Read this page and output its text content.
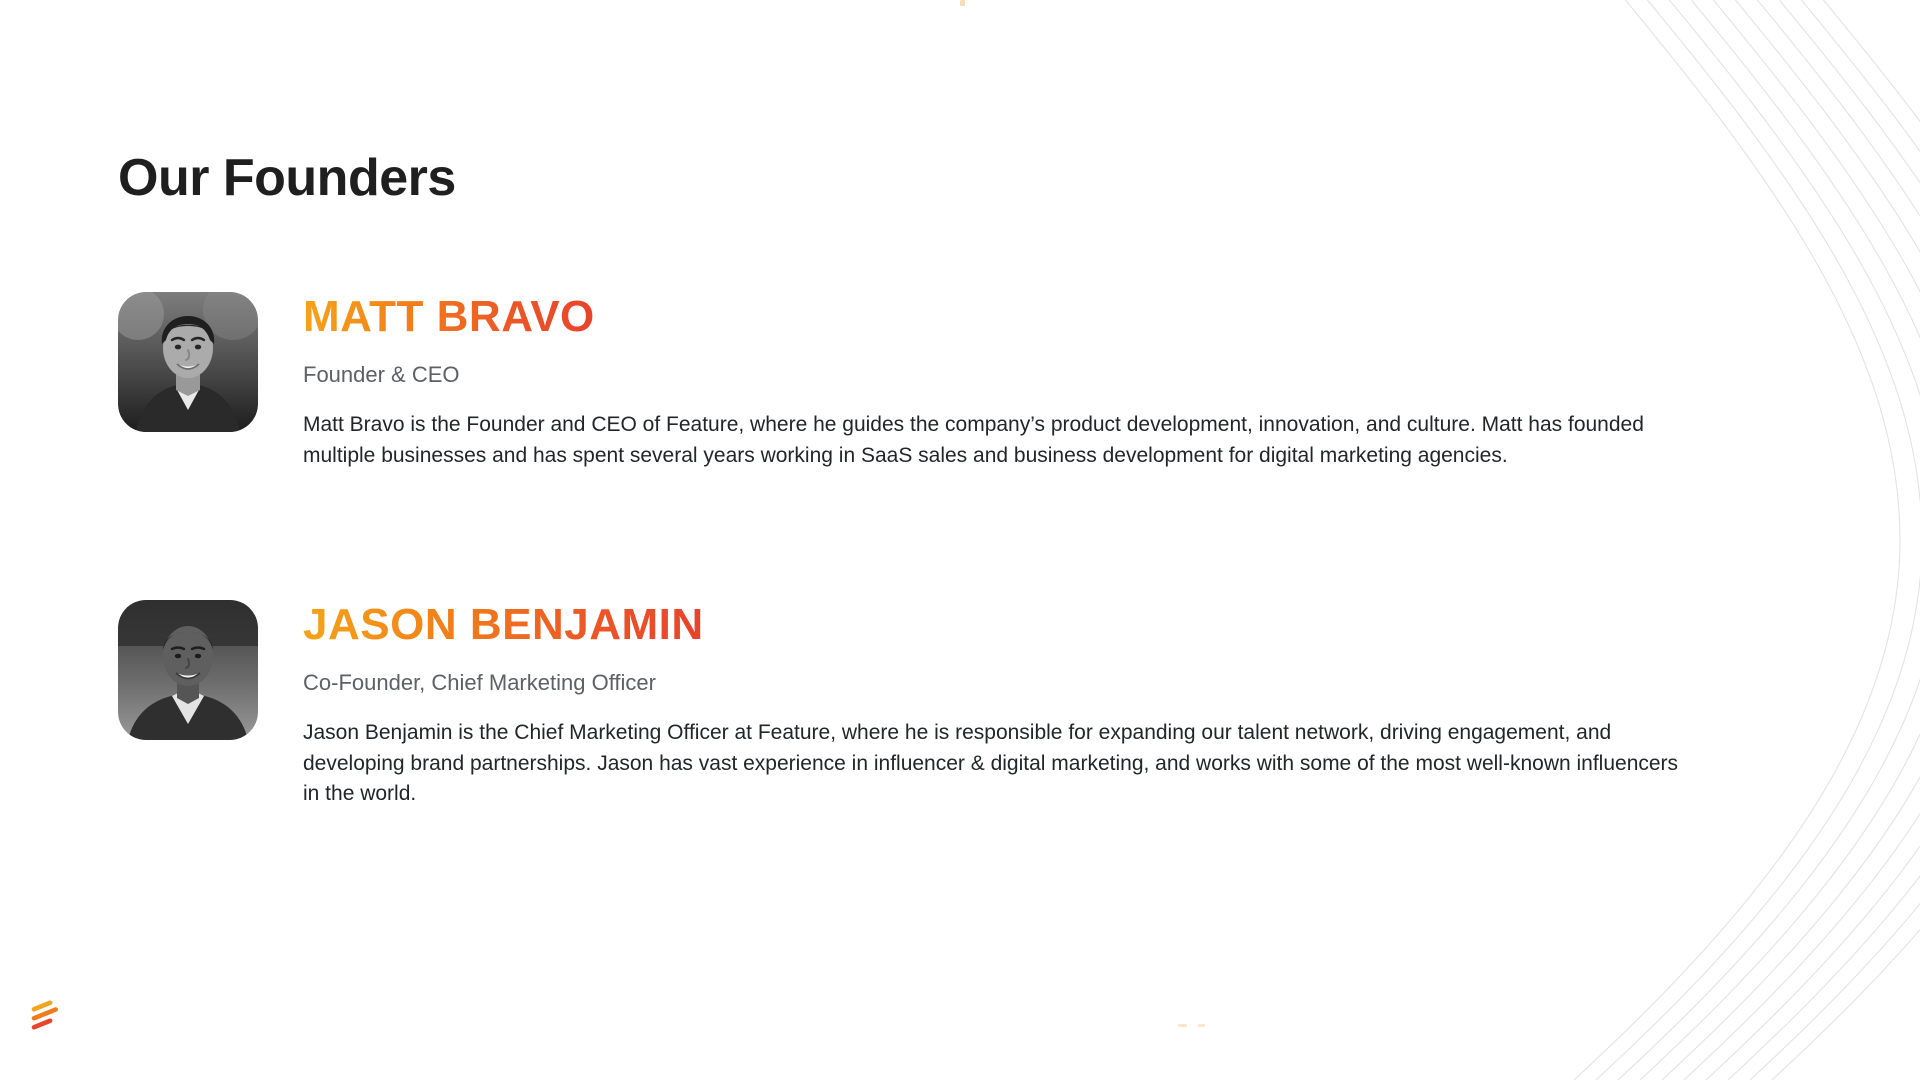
Our Founders
MATT BRAVO
Founder & CEO
Matt Bravo is the Founder and CEO of Feature, where he guides the company’s product development, innovation, and culture. Matt has founded multiple businesses and has spent several years working in SaaS sales and business development for digital marketing agencies.
JASON BENJAMIN
Co-Founder, Chief Marketing Officer
Jason Benjamin is the Chief Marketing Officer at Feature, where he is responsible for expanding our talent network, driving engagement, and developing brand partnerships. Jason has vast experience in influencer & digital marketing, and works with some of the most well-known influencers in the world.
